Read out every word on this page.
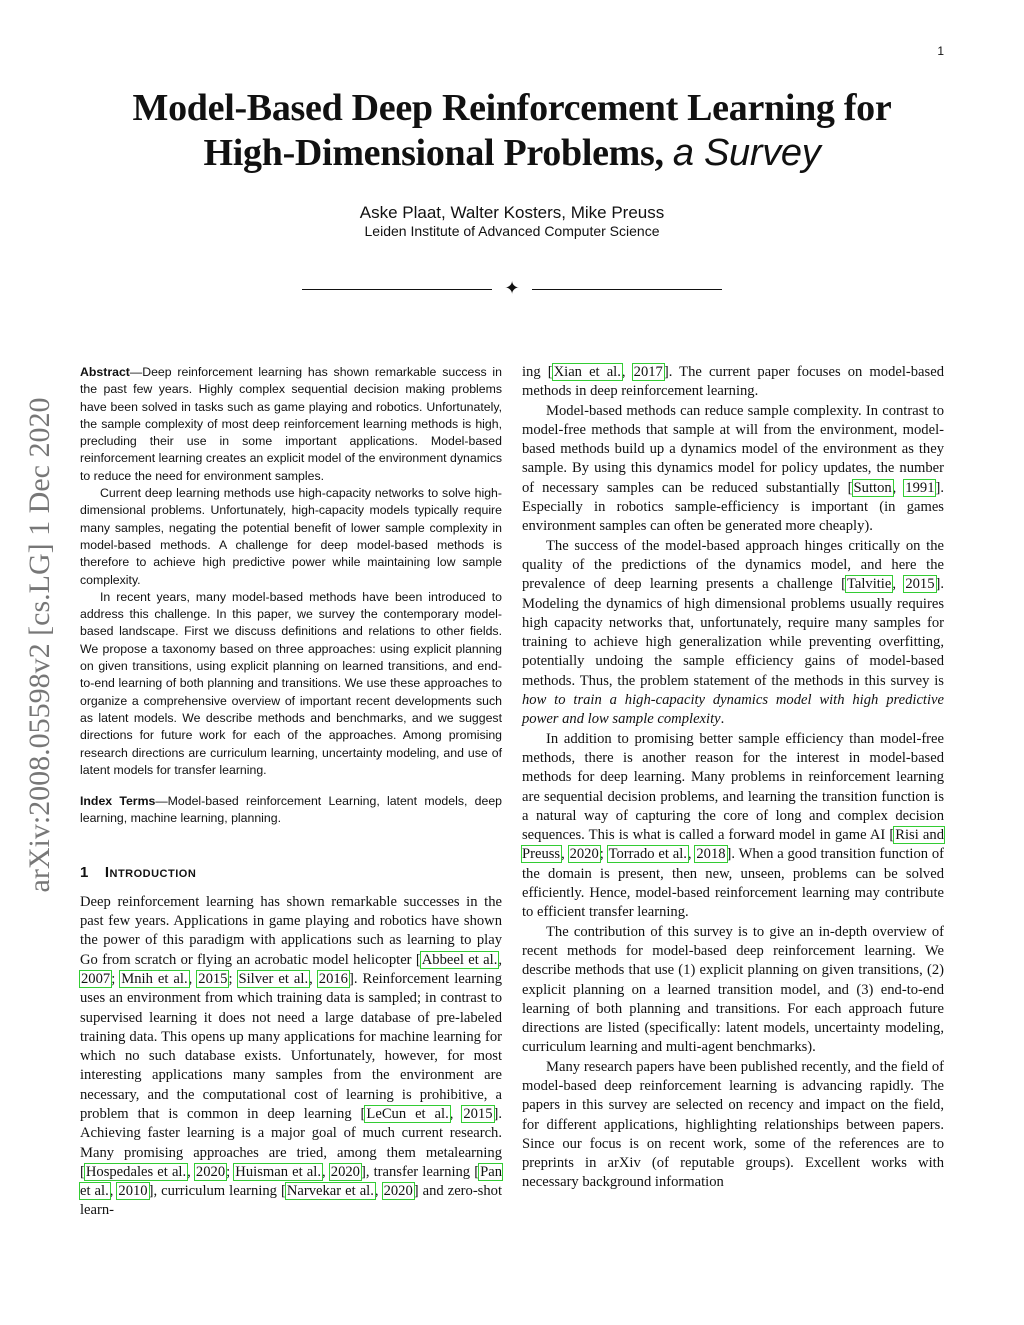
1
Model-Based Deep Reinforcement Learning for
High-Dimensional Problems, a Survey
Aske Plaat, Walter Kosters, Mike Preuss
Leiden Institute of Advanced Computer Science
✦
arXiv:2008.05598v2 [cs.LG] 1 Dec 2020

Abstract—Deep reinforcement learning has shown remarkable success in the past few years. Highly complex sequential decision making problems have been solved in tasks such as game playing and robotics. Unfortunately, the sample complexity of most deep reinforcement learning methods is high, precluding their use in some important applications. Model-based reinforcement learning creates an explicit model of the environment dynamics to reduce the need for environment samples.

Current deep learning methods use high-capacity networks to solve high-dimensional problems. Unfortunately, high-capacity models typically require many samples, negating the potential benefit of lower sample complexity in model-based methods. A challenge for deep model-based methods is therefore to achieve high predictive power while maintaining low sample complexity.

In recent years, many model-based methods have been introduced to address this challenge. In this paper, we survey the contemporary model-based landscape. First we discuss definitions and relations to other fields. We propose a taxonomy based on three approaches: using explicit planning on given transitions, using explicit planning on learned transitions, and end-to-end learning of both planning and transitions. We use these approaches to organize a comprehensive overview of important recent developments such as latent models. We describe methods and benchmarks, and we suggest directions for future work for each of the approaches. Among promising research directions are curriculum learning, uncertainty modeling, and use of latent models for transfer learning.

Index Terms—Model-based reinforcement Learning, latent models, deep learning, machine learning, planning.

1 Introduction

Deep reinforcement learning has shown remarkable successes in the past few years. Applications in game playing and robotics have shown the power of this paradigm with applications such as learning to play Go from scratch or flying an acrobatic model helicopter [Abbeel et al., 2007; Mnih et al., 2015; Silver et al., 2016]. Reinforcement learning uses an environment from which training data is sampled; in contrast to supervised learning it does not need a large database of pre-labeled training data. This opens up many applications for machine learning for which no such database exists. Unfortunately, however, for most interesting applications many samples from the environment are necessary, and the computational cost of learning is prohibitive, a problem that is common in deep learning [LeCun et al., 2015]. Achieving faster learning is a major goal of much current research. Many promising approaches are tried, among them metalearning [Hospedales et al., 2020; Huisman et al., 2020], transfer learning [Pan et al., 2010], curriculum learning [Narvekar et al., 2020] and zero-shot learn-

ing [Xian et al., 2017]. The current paper focuses on model-based methods in deep reinforcement learning.

Model-based methods can reduce sample complexity. In contrast to model-free methods that sample at will from the environment, model-based methods build up a dynamics model of the environment as they sample. By using this dynamics model for policy updates, the number of necessary samples can be reduced substantially [Sutton, 1991]. Especially in robotics sample-efficiency is important (in games environment samples can often be generated more cheaply).

The success of the model-based approach hinges critically on the quality of the predictions of the dynamics model, and here the prevalence of deep learning presents a challenge [Talvitie, 2015]. Modeling the dynamics of high dimensional problems usually requires high capacity networks that, unfortunately, require many samples for training to achieve high generalization while preventing overfitting, potentially undoing the sample efficiency gains of model-based methods. Thus, the problem statement of the methods in this survey is how to train a high-capacity dynamics model with high predictive power and low sample complexity.

In addition to promising better sample efficiency than model-free methods, there is another reason for the interest in model-based methods for deep learning. Many problems in reinforcement learning are sequential decision problems, and learning the transition function is a natural way of capturing the core of long and complex decision sequences. This is what is called a forward model in game AI [Risi and Preuss, 2020; Torrado et al., 2018]. When a good transition function of the domain is present, then new, unseen, problems can be solved efficiently. Hence, model-based reinforcement learning may contribute to efficient transfer learning.

The contribution of this survey is to give an in-depth overview of recent methods for model-based deep reinforcement learning. We describe methods that use (1) explicit planning on given transitions, (2) explicit planning on a learned transition model, and (3) end-to-end learning of both planning and transitions. For each approach future directions are listed (specifically: latent models, uncertainty modeling, curriculum learning and multi-agent benchmarks).

Many research papers have been published recently, and the field of model-based deep reinforcement learning is advancing rapidly. The papers in this survey are selected on recency and impact on the field, for different applications, highlighting relationships between papers. Since our focus is on recent work, some of the references are to preprints in arXiv (of reputable groups). Excellent works with necessary background information
